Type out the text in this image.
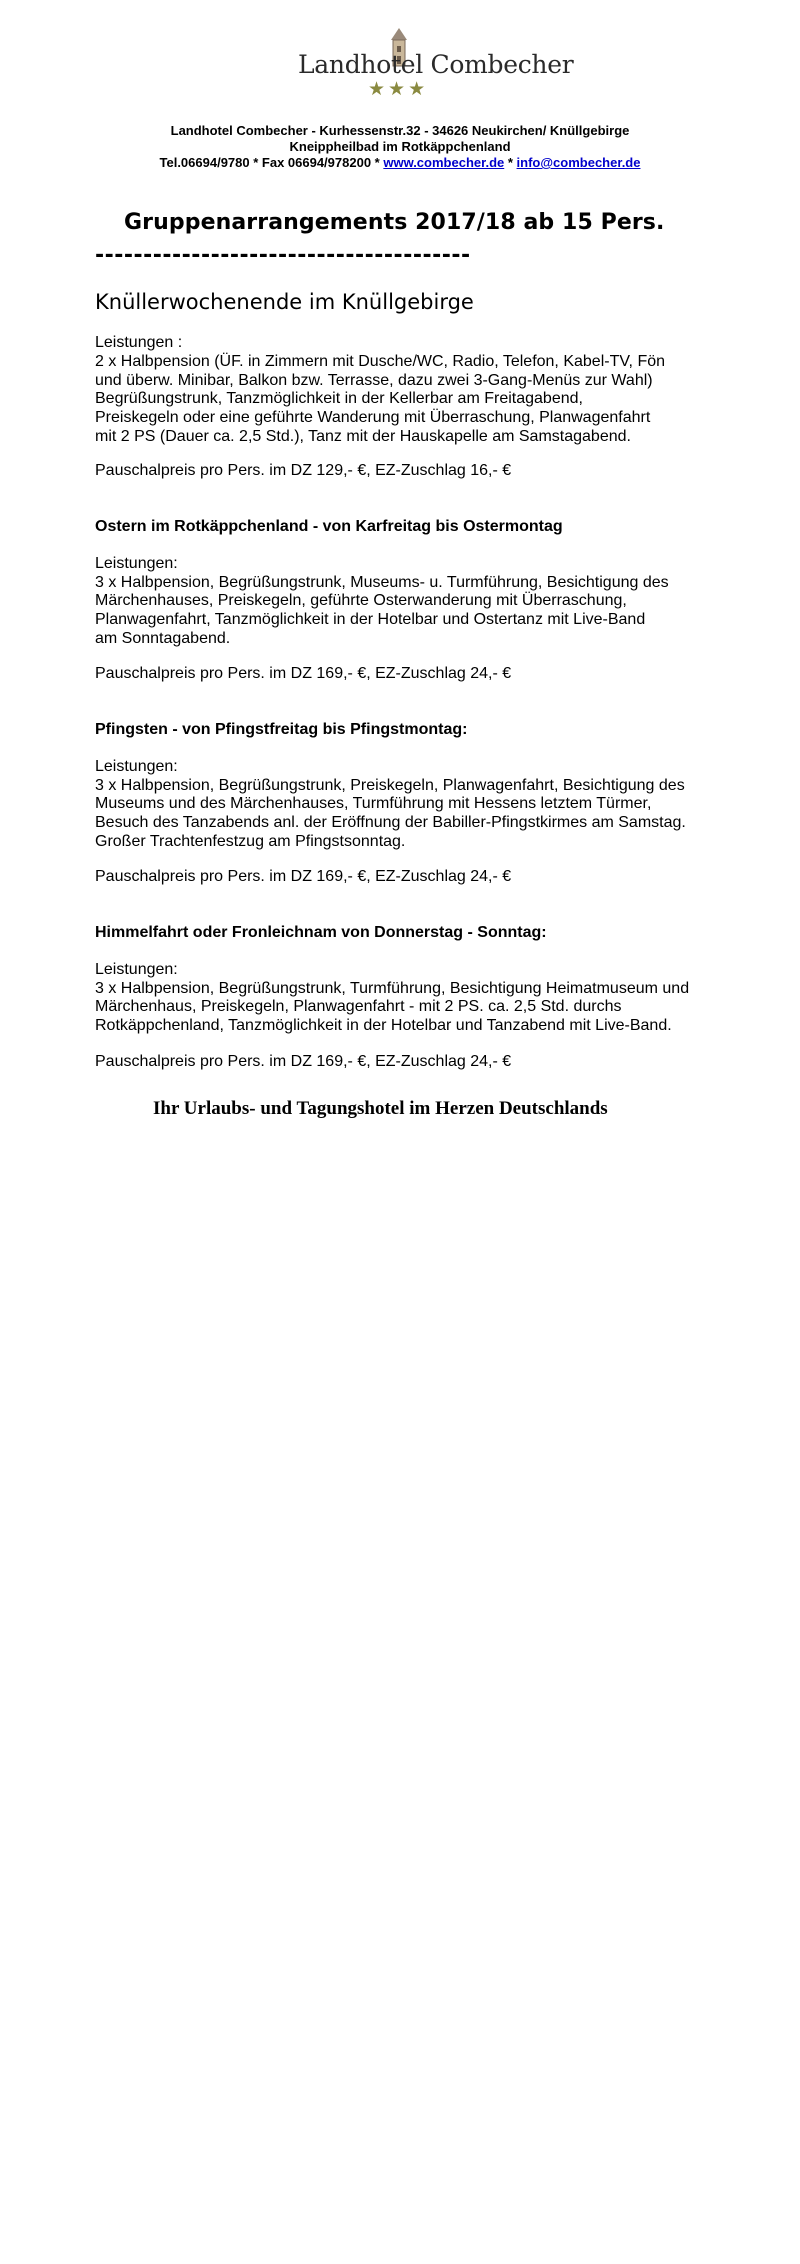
Landhotel Combecher
★★★
Landhotel Combecher - Kurhessenstr.32 - 34626 Neukirchen/ Knüllgebirge
Kneippheilbad im Rotkäppchenland
Tel.06694/9780 * Fax 06694/978200 * www.combecher.de * info@combecher.de
Gruppenarrangements 2017/18 ab 15 Pers.
---------------------------------------
Knüllerwochenende im Knüllgebirge
Leistungen :
2 x Halbpension (ÜF. in Zimmern mit Dusche/WC, Radio, Telefon, Kabel-TV, Fön
und überw. Minibar, Balkon bzw. Terrasse, dazu zwei 3-Gang-Menüs zur Wahl)
Begrüßungstrunk, Tanzmöglichkeit in der Kellerbar am Freitagabend,
Preiskegeln oder eine geführte Wanderung mit Überraschung, Planwagenfahrt
mit 2 PS (Dauer ca. 2,5 Std.), Tanz mit der Hauskapelle am Samstagabend.
Pauschalpreis pro Pers. im DZ 129,- €, EZ-Zuschlag 16,- €
Ostern im Rotkäppchenland - von Karfreitag bis Ostermontag
Leistungen:
3 x Halbpension, Begrüßungstrunk, Museums- u. Turmführung, Besichtigung des
Märchenhauses, Preiskegeln, geführte Osterwanderung mit Überraschung,
Planwagenfahrt, Tanzmöglichkeit in der Hotelbar und Ostertanz mit Live-Band
am Sonntagabend.
Pauschalpreis pro Pers. im DZ 169,- €, EZ-Zuschlag 24,- €
Pfingsten - von Pfingstfreitag bis Pfingstmontag:
Leistungen:
3 x Halbpension, Begrüßungstrunk, Preiskegeln, Planwagenfahrt, Besichtigung des
Museums und des Märchenhauses, Turmführung mit Hessens letztem Türmer,
Besuch des Tanzabends anl. der Eröffnung der Babiller-Pfingstkirmes am Samstag.
Großer Trachtenfestzug am Pfingstsonntag.
Pauschalpreis pro Pers. im DZ 169,- €, EZ-Zuschlag 24,- €
Himmelfahrt oder Fronleichnam von Donnerstag - Sonntag:
Leistungen:
3 x Halbpension, Begrüßungstrunk, Turmführung, Besichtigung Heimatmuseum und
Märchenhaus, Preiskegeln, Planwagenfahrt - mit 2 PS. ca. 2,5 Std. durchs
Rotkäppchenland, Tanzmöglichkeit in der Hotelbar und Tanzabend mit Live-Band.
Pauschalpreis pro Pers. im DZ 169,- €, EZ-Zuschlag 24,- €
Ihr Urlaubs- und Tagungshotel im Herzen Deutschlands
